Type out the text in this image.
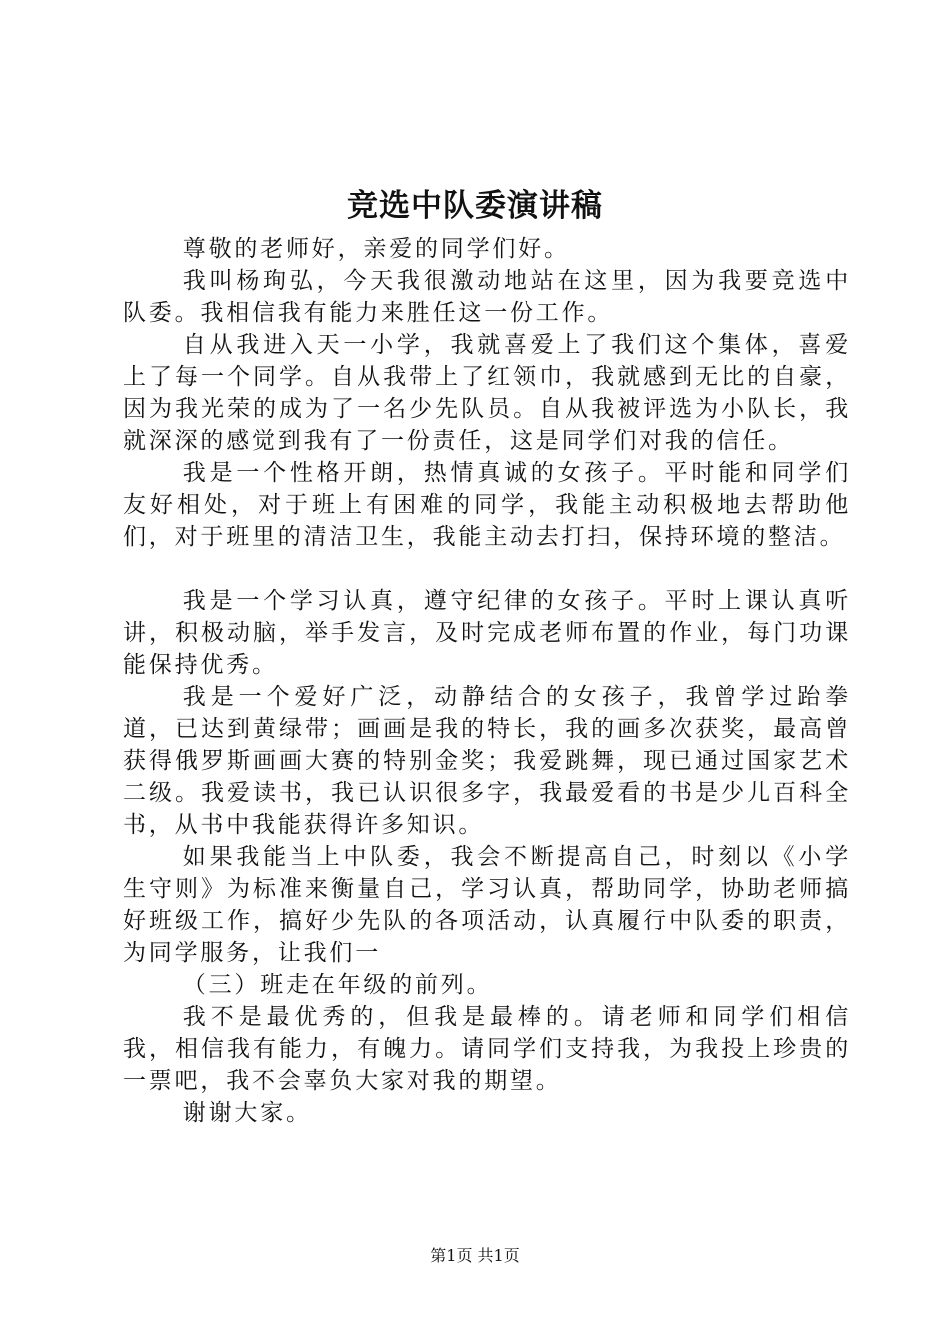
竞选中队委演讲稿

尊敬的老师好，亲爱的同学们好。

我叫杨珣弘，今天我很激动地站在这里，因为我要竞选中队委。我相信我有能力来胜任这一份工作。

自从我进入天一小学，我就喜爱上了我们这个集体，喜爱上了每一个同学。自从我带上了红领巾，我就感到无比的自豪，因为我光荣的成为了一名少先队员。自从我被评选为小队长，我就深深的感觉到我有了一份责任，这是同学们对我的信任。

我是一个性格开朗，热情真诚的女孩子。平时能和同学们友好相处，对于班上有困难的同学，我能主动积极地去帮助他们，对于班里的清洁卫生，我能主动去打扫，保持环境的整洁。

我是一个学习认真，遵守纪律的女孩子。平时上课认真听讲，积极动脑，举手发言，及时完成老师布置的作业，每门功课能保持优秀。

我是一个爱好广泛，动静结合的女孩子，我曾学过跆拳道，已达到黄绿带；画画是我的特长，我的画多次获奖，最高曾获得俄罗斯画画大赛的特别金奖；我爱跳舞，现已通过国家艺术二级。我爱读书，我已认识很多字，我最爱看的书是少儿百科全书，从书中我能获得许多知识。

如果我能当上中队委，我会不断提高自己，时刻以《小学生守则》为标准来衡量自己，学习认真，帮助同学，协助老师搞好班级工作，搞好少先队的各项活动，认真履行中队委的职责，为同学服务，让我们一

（三）班走在年级的前列。

我不是最优秀的，但我是最棒的。请老师和同学们相信我，相信我有能力，有魄力。请同学们支持我，为我投上珍贵的一票吧，我不会辜负大家对我的期望。

谢谢大家。

第1页 共1页
